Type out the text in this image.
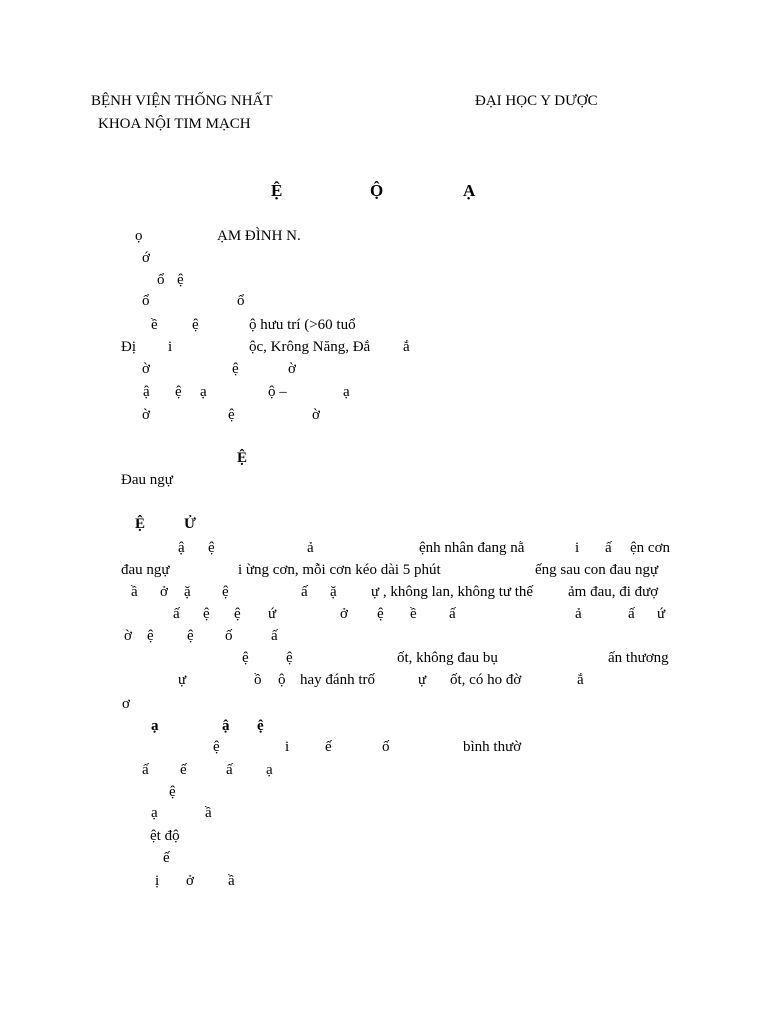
BỆNH VIỆN THỐNG NHẤT
KHOA NỘI TIM MẠCH
ĐẠI HỌC Y DƯỢC
Ệ	Ộ	Ạ
ọ	ẠM ĐÌNH N.
ớ
ổ ệ
ổ	ổ
ề ệ	ộ hưu trí (>60 tuổ
Đị i	ộc, Krông Năng, Đắ ắ
ờ	ệ	ờ
ậ ệ ạ	ộ –	ạ
ờ	ệ	ờ
Ệ
Đau ngự
Ệ	Ử
ậ ệ	ả	ệnh nhân đang nằ	i ấ ện cơn
đau ngự	i ừng cơn, mỗi cơn kéo dài 5 phút	ếng sau con đau ngự
ầ ở ặ ệ	ấ ặ ự , không lan, không tư thế ảm đau, đi đượ
ấ ệ ệ ứ	ở ệ ề ấ	ả	ấ ứ
ờ ệ ệ ố	ấ
ệ ệ	ốt, không đau bụ	ấn thương
ự	ồ ộ hay đánh trố	ự ốt, có ho đờ	ắ
ơ
ạ	ậ ệ
ệ	i ế	ố	bình thườ
ấ ế	ấ ạ
ệ
ạ	ầ
ệt độ
ế
ị ở ầ
